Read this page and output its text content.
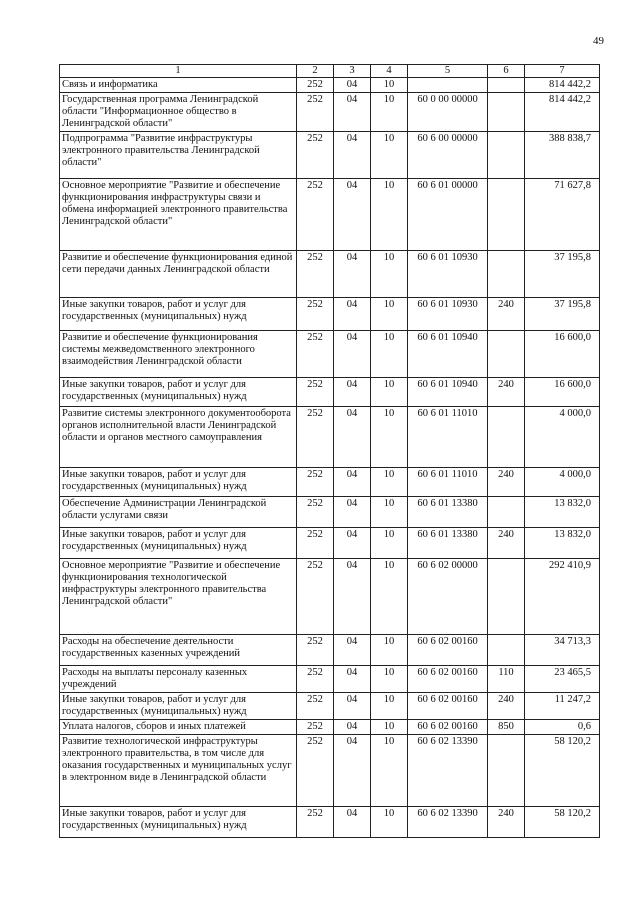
49
1	2	3	4	5	6	7
Связь и информатика	252	04	10			814 442,2
Государственная программа Ленинградской области "Информационное общество в Ленинградской области"	252	04	10	60 0 00 00000		814 442,2
Подпрограмма "Развитие инфраструктуры электронного правительства Ленинградской области"	252	04	10	60 6 00 00000		388 838,7
Основное мероприятие "Развитие и обеспечение функционирования инфраструктуры связи и обмена информацией электронного правительства Ленинградской области"	252	04	10	60 6 01 00000		71 627,8
Развитие и обеспечение функционирования единой сети передачи данных Ленинградской области	252	04	10	60 6 01 10930		37 195,8
Иные закупки товаров, работ и услуг для государственных (муниципальных) нужд	252	04	10	60 6 01 10930	240	37 195,8
Развитие и обеспечение функционирования системы межведомственного электронного взаимодействия Ленинградской области	252	04	10	60 6 01 10940		16 600,0
Иные закупки товаров, работ и услуг для государственных (муниципальных) нужд	252	04	10	60 6 01 10940	240	16 600,0
Развитие системы электронного документооборота органов исполнительной власти Ленинградской области и органов местного самоуправления	252	04	10	60 6 01 11010		4 000,0
Иные закупки товаров, работ и услуг для государственных (муниципальных) нужд	252	04	10	60 6 01 11010	240	4 000,0
Обеспечение Администрации Ленинградской области услугами связи	252	04	10	60 6 01 13380		13 832,0
Иные закупки товаров, работ и услуг для государственных (муниципальных) нужд	252	04	10	60 6 01 13380	240	13 832,0
Основное мероприятие "Развитие и обеспечение функционирования технологической инфраструктуры электронного правительства Ленинградской области"	252	04	10	60 6 02 00000		292 410,9
Расходы на обеспечение деятельности государственных казенных учреждений	252	04	10	60 6 02 00160		34 713,3
Расходы на выплаты персоналу казенных учреждений	252	04	10	60 6 02 00160	110	23 465,5
Иные закупки товаров, работ и услуг для государственных (муниципальных) нужд	252	04	10	60 6 02 00160	240	11 247,2
Уплата налогов, сборов и иных платежей	252	04	10	60 6 02 00160	850	0,6
Развитие технологической инфраструктуры электронного правительства, в том числе для оказания государственных и муниципальных услуг в электронном виде в Ленинградской области	252	04	10	60 6 02 13390		58 120,2
Иные закупки товаров, работ и услуг для государственных (муниципальных) нужд	252	04	10	60 6 02 13390	240	58 120,2
